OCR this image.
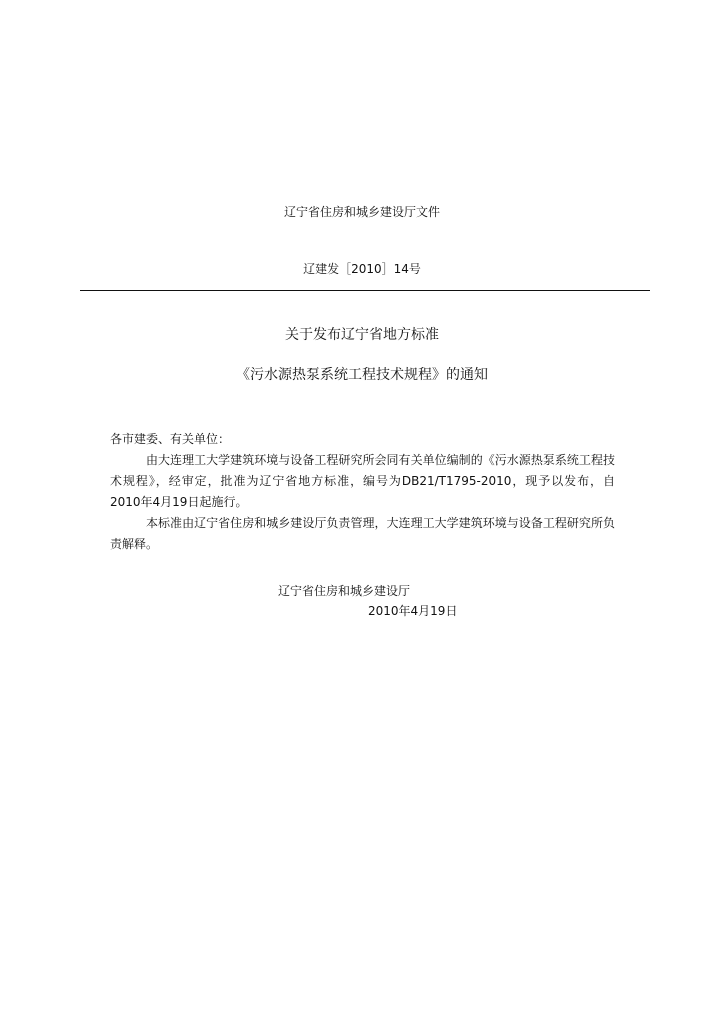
辽宁省住房和城乡建设厅文件
辽建发［2010］14号
关于发布辽宁省地方标准
《污水源热泵系统工程技术规程》的通知

各市建委、有关单位：

由大连理工大学建筑环境与设备工程研究所会同有关单位编制的《污水源热泵系统工程技术规程》，经审定，批准为辽宁省地方标准，编号为DB21/T1795-2010，现予以发布，自2010年4月19日起施行。

本标准由辽宁省住房和城乡建设厅负责管理，大连理工大学建筑环境与设备工程研究所负责解释。

辽宁省住房和城乡建设厅
2010年4月19日
